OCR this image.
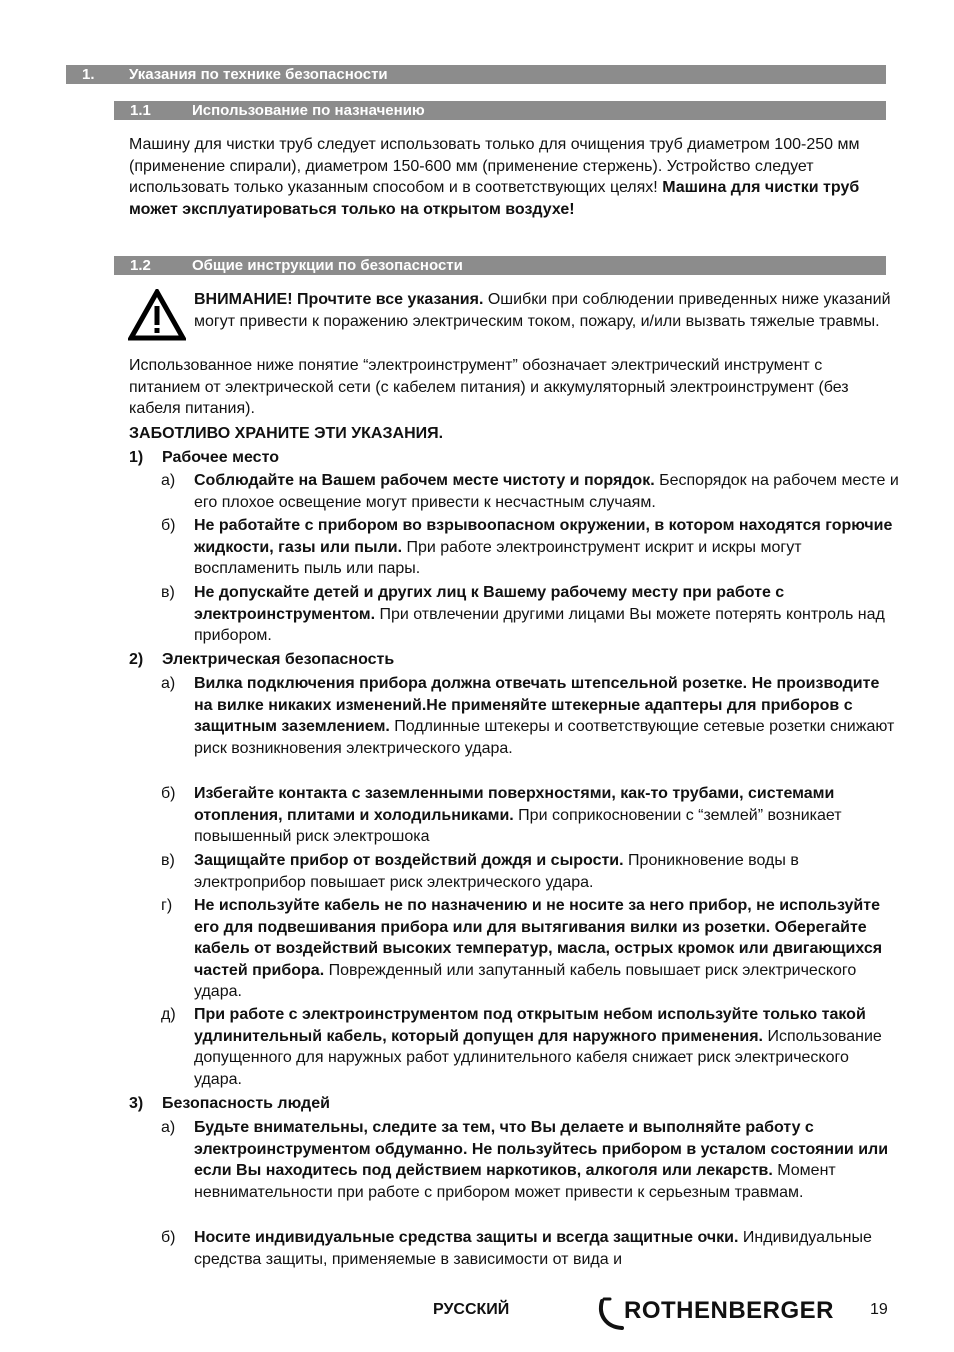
1. Указания по технике безопасности
1.1	Использование по назначению
Машину для чистки труб следует использовать только для очищения труб диаметром 100-250 мм (применение спирали), диаметром 150-600 мм (применение стержень). Устройство следует использовать только указанным способом и в соответствующих целях! Машина для чистки труб может эксплуатироваться только на открытом воздухе!
1.2	Общие инструкции по безопасности
ВНИМАНИЕ! Прочтите все указания. Ошибки при соблюдении приведенных ниже указаний могут привести к поражению электрическим током, пожару, и/или вызвать тяжелые травмы.
Использованное ниже понятие “электроинструмент” обозначает электрический инструмент с питанием от электрической сети (с кабелем питания) и аккумуляторный электроинструмент (без кабеля питания).
ЗАБОТЛИВО ХРАНИТЕ ЭТИ УКАЗАНИЯ.
1) Рабочее место
а) Соблюдайте на Вашем рабочем месте чистоту и порядок. Беспорядок на рабочем месте и его плохое освещение могут привести к несчастным случаям.
б) Не работайте с прибором во взрывоопасном окружении, в котором находятся горючие жидкости, газы или пыли. При работе электроинструмент искрит и искры могут воспламенить пыль или пары.
в) Не допускайте детей и других лиц к Вашему рабочему месту при работе с электроинструментом. При отвлечении другими лицами Вы можете потерять контроль над прибором.
2) Электрическая безопасность
а) Вилка подключения прибора должна отвечать штепсельной розетке. Не производите на вилке никаких изменений.Не применяйте штекерные адаптеры для приборов с защитным заземлением. Подлинные штекеры и соответствующие сетевые розетки снижают риск возникновения электрического удара.
б) Избегайте контакта с заземленными поверхностями, как-то трубами, системами отопления, плитами и холодильниками. При соприкосновении с “землей” возникает повышенный риск электрошока
в) Защищайте прибор от воздействий дождя и сырости. Проникновение воды в электроприбор повышает риск электрического удара.
г) Не используйте кабель не по назначению и не носите за него прибор, не используйте его для подвешивания прибора или для вытягивания вилки из розетки. Оберегайте кабель от воздействий высоких температур, масла, острых кромок или двигающихся частей прибора. Поврежденный или запутанный кабель повышает риск электрического удара.
д) При работе с электроинструментом под открытым небом используйте только такой удлинительный кабель, который допущен для наружного применения. Использование допущенного для наружных работ удлинительного кабеля снижает риск электрического удара.
3) Безопасность людей
а) Будьте внимательны, следите за тем, что Вы делаете и выполняйте работу с электроинструментом обдуманно. Не пользуйтесь прибором в усталом состоянии или если Вы находитесь под действием наркотиков, алкоголя или лекарств. Момент невнимательности при работе с прибором может привести к серьезным травмам.
б) Носите индивидуальные средства защиты и всегда защитные очки. Индивидуальные средства защиты, применяемые в зависимости от вида и
РУССКИЙ	ROTHENBERGER 19
